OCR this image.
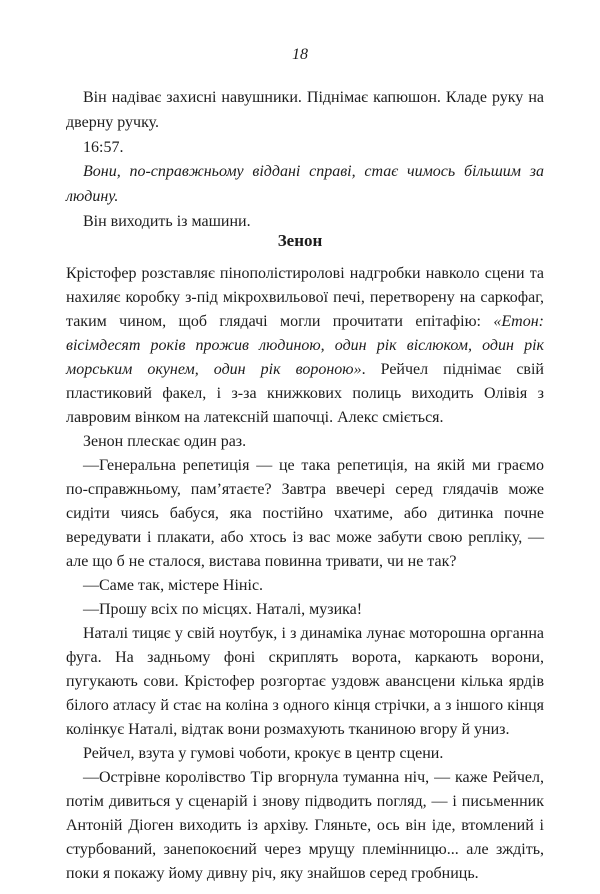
18

Він надіває захисні навушники. Піднімає капюшон. Кладе руку на дверну ручку.

16:57.

Вони, по-справжньому віддані справі, стає чимось більшим за людину.

Він виходить із машини.

Зенон

Крістофер розставляє пінополістиролові надгробки навколо сцени та нахиляє коробку з-під мікрохвильової печі, перетворену на саркофаг, таким чином, щоб глядачі могли прочитати епітафію: «Етон: вісімдесят років прожив людиною, один рік віслюком, один рік морським окунем, один рік вороною». Рейчел піднімає свій пластиковий факел, і з-за книжкових полиць виходить Олівія з лавровим вінком на латексній шапочці. Алекс сміється.

Зенон плескає один раз.

—Генеральна репетиція — це така репетиція, на якій ми граємо по-справжньому, пам’ятаєте? Завтра ввечері серед глядачів може сидіти чиясь бабуся, яка постійно чхатиме, або дитинка почне вередувати і плакати, або хтось із вас може забути свою репліку, — але що б не сталося, вистава повинна тривати, чи не так?

—Саме так, містере Нініс.

—Прошу всіх по місцях. Наталі, музика!

Наталі тицяє у свій ноутбук, і з динаміка лунає моторошна органна фуга. На задньому фоні скриплять ворота, каркають ворони, пугукають сови. Крістофер розгортає уздовж авансцени кілька ярдів білого атласу й стає на коліна з одного кінця стрічки, а з іншого кінця колінкує Наталі, відтак вони розмахують тканиною вгору й униз.

Рейчел, взута у гумові чоботи, крокує в центр сцени.

—Острівне королівство Тір вгорнула туманна ніч, — каже Рейчел, потім дивиться у сценарій і знову підводить погляд, — і письменник Антоній Діоген виходить із архіву. Гляньте, ось він іде, втомлений і стурбований, занепокоєний через мрущу племінницю... але зждіть, поки я покажу йому дивну річ, яку знайшов серед гробниць.
